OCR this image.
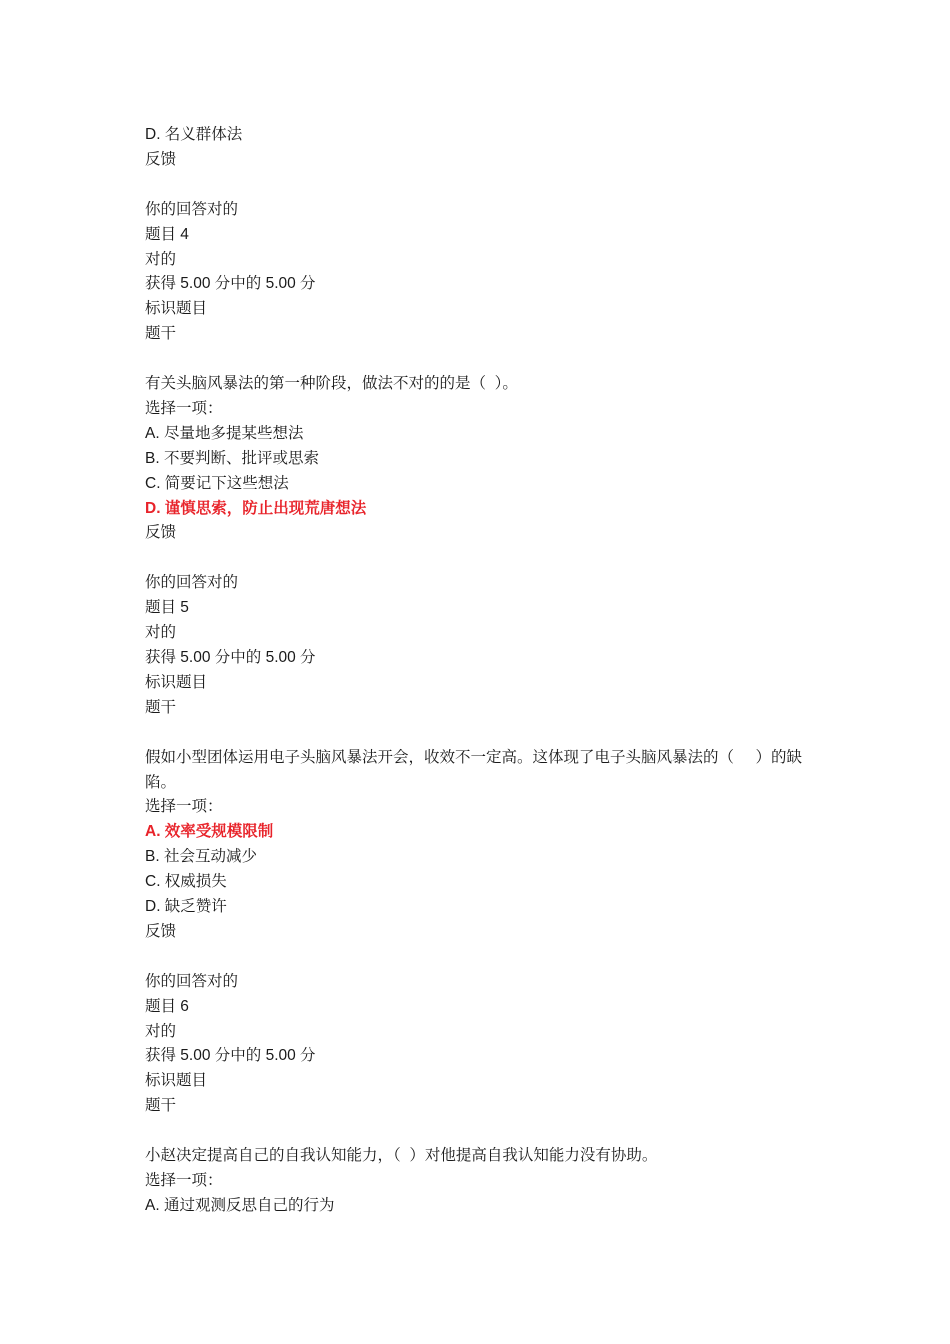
D. 名义群体法
反馈
你的回答对的
题目 4
对的
获得 5.00 分中的 5.00 分
标识题目
题干
有关头脑风暴法的第一种阶段，做法不对的的是（  ）。
选择一项：
A. 尽量地多提某些想法
B. 不要判断、批评或思索
C. 简要记下这些想法
D. 谨慎思索，防止出现荒唐想法
反馈
你的回答对的
题目 5
对的
获得 5.00 分中的 5.00 分
标识题目
题干
假如小型团体运用电子头脑风暴法开会，收效不一定高。这体现了电子头脑风暴法的（     ）的缺陷。
选择一项：
A. 效率受规模限制
B. 社会互动减少
C. 权威损失
D. 缺乏赞许
反馈
你的回答对的
题目 6
对的
获得 5.00 分中的 5.00 分
标识题目
题干
小赵决定提高自己的自我认知能力，（  ）对他提高自我认知能力没有协助。
选择一项：
A. 通过观测反思自己的行为
